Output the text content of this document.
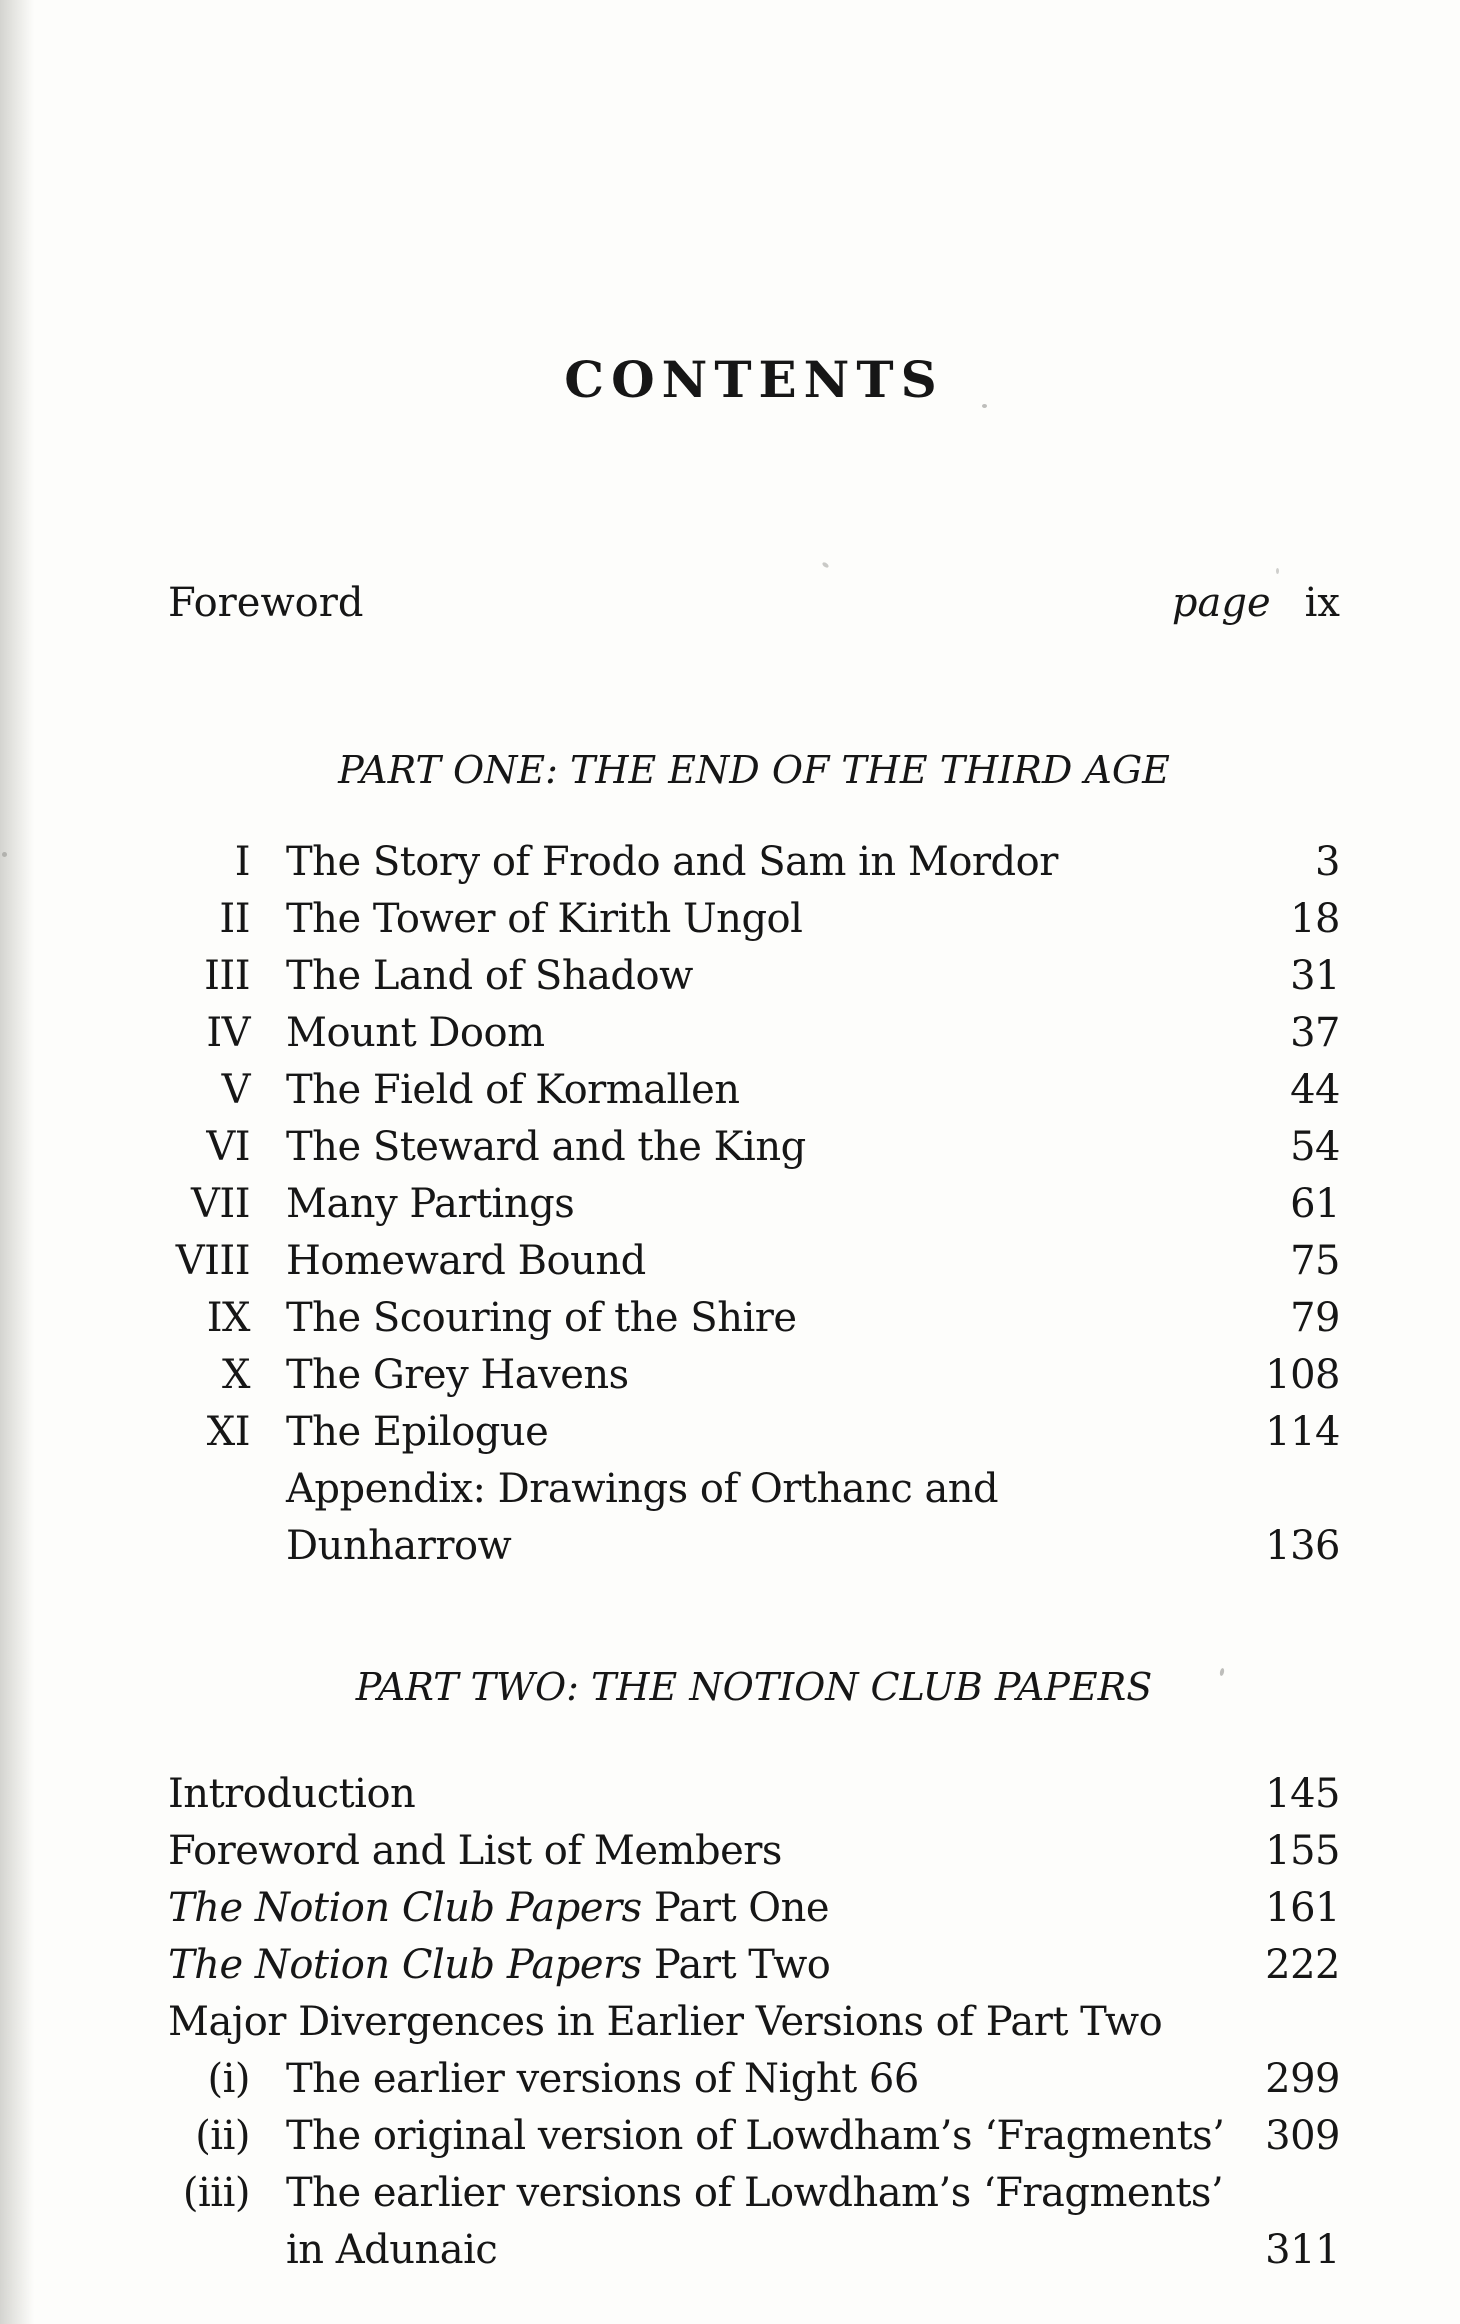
CONTENTS
Foreword	page ix
PART ONE: THE END OF THE THIRD AGE
I The Story of Frodo and Sam in Mordor	3
II The Tower of Kirith Ungol	18
III The Land of Shadow	31
IV Mount Doom	37
V The Field of Kormallen	44
VI The Steward and the King	54
VII Many Partings	61
VIII Homeward Bound	75
IX The Scouring of the Shire	79
X The Grey Havens	108
XI The Epilogue	114
Appendix: Drawings of Orthanc and Dunharrow	136
PART TWO: THE NOTION CLUB PAPERS
Introduction	145
Foreword and List of Members	155
The Notion Club Papers Part One	161
The Notion Club Papers Part Two	222
Major Divergences in Earlier Versions of Part Two
(i) The earlier versions of Night 66	299
(ii) The original version of Lowdham’s ‘Fragments’	309
(iii) The earlier versions of Lowdham’s ‘Fragments’
in Adunaic	311
